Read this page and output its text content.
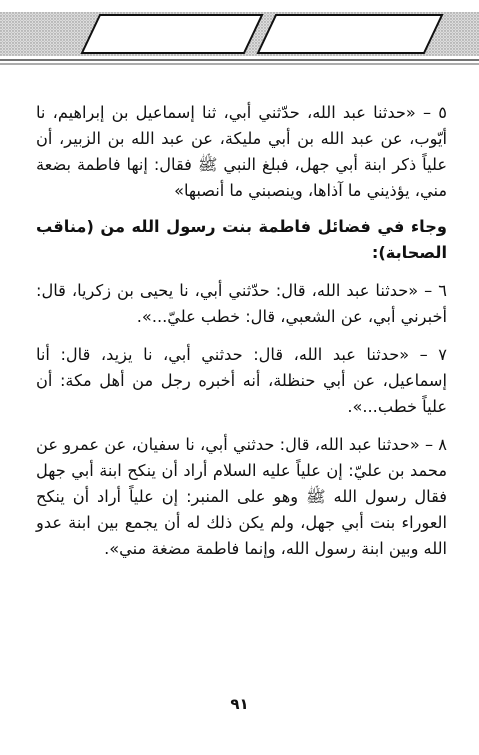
٥ – «حدثنا عبد الله، حدّثني أبي، ثنا إسماعيل بن إبراهيم، نا أيّوب، عن عبد الله بن أبي مليكة، عن عبد الله بن الزبير، أن علياً ذكر ابنة أبي جهل، فبلغ النبي ﷺ فقال: إنها فاطمة بضعة مني، يؤذيني ما آذاها، وينصبني ما أنصبها»

وجاء في فضائل فاطمة بنت رسول الله من (مناقب الصحابة):

٦ – «حدثنا عبد الله، قال: حدّثني أبي، نا يحيى بن زكريا، قال: أخبرني أبي، عن الشعبي، قال: خطب عليّ...».

٧ – «حدثنا عبد الله، قال: حدثني أبي، نا يزيد، قال: أنا إسماعيل، عن أبي حنظلة، أنه أخبره رجل من أهل مكة: أن علياً خطب...».

٨ – «حدثنا عبد الله، قال: حدثني أبي، نا سفيان، عن عمرو عن محمد بن عليّ: إن علياً عليه السلام أراد أن ينكح ابنة أبي جهل فقال رسول الله ﷺ وهو على المنبر: إن علياً أراد أن ينكح العوراء بنت أبي جهل، ولم يكن ذلك له أن يجمع بين ابنة عدو الله وبين ابنة رسول الله، وإنما فاطمة مضغة مني».

٩١
